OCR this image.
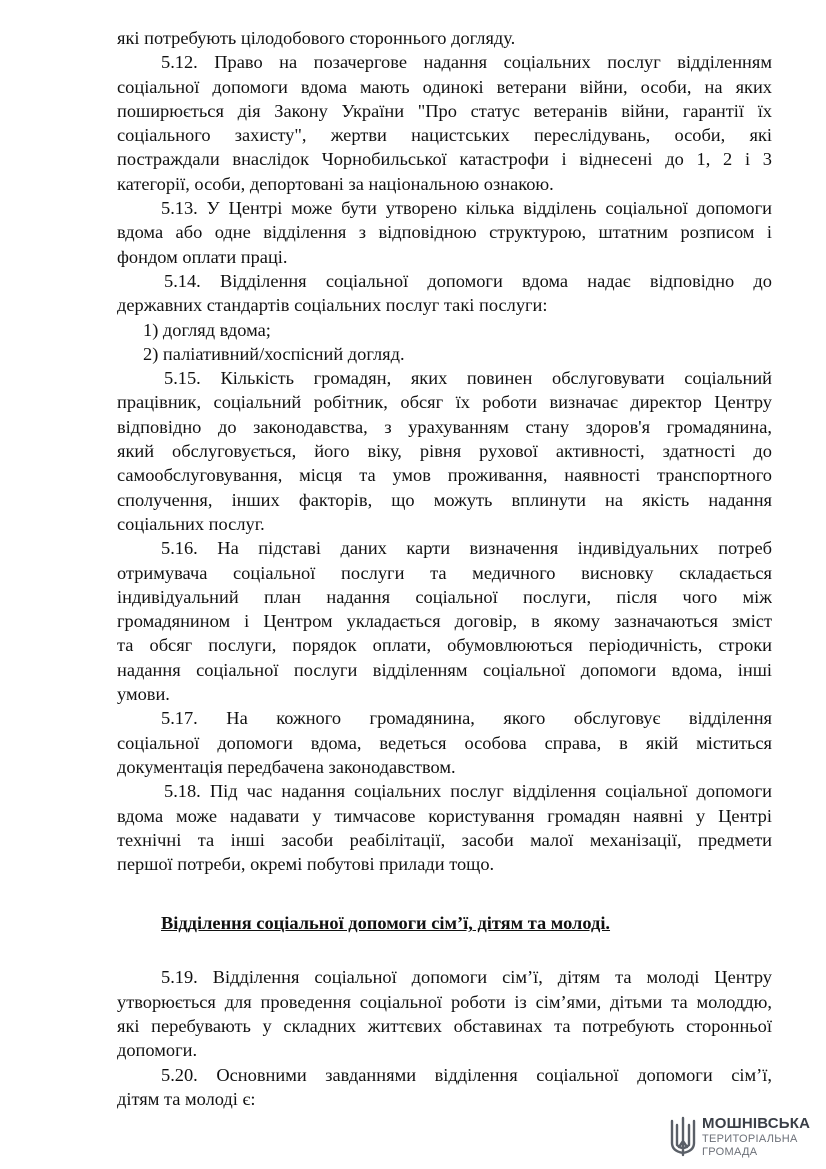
які потребують цілодобового стороннього догляду.
5.12. Право на позачергове надання соціальних послуг відділенням
соціальної допомоги вдома мають одинокі ветерани війни, особи, на яких
поширюється дія Закону України "Про статус ветеранів війни, гарантії їх
соціального захисту", жертви нацистських переслідувань, особи, які
постраждали внаслідок Чорнобильської катастрофи і віднесені до 1, 2 і 3
категорії, особи, депортовані за національною ознакою.
5.13. У Центрі може бути утворено кілька відділень соціальної допомоги
вдома або одне відділення з відповідною структурою, штатним розписом і
фондом оплати праці.
5.14. Відділення соціальної допомоги вдома надає відповідно до
державних стандартів соціальних послуг такі послуги:
1) догляд вдома;
2) паліативний/хоспісний догляд.
5.15. Кількість громадян, яких повинен обслуговувати соціальний
працівник, соціальний робітник, обсяг їх роботи визначає директор Центру
відповідно до законодавства, з урахуванням стану здоров'я громадянина,
який обслуговується, його віку, рівня рухової активності, здатності до
самообслуговування, місця та умов проживання, наявності транспортного
сполучення, інших факторів, що можуть вплинути на якість надання
соціальних послуг.
5.16. На підставі даних карти визначення індивідуальних потреб
отримувача соціальної послуги та медичного висновку складається
індивідуальний план надання соціальної послуги, після чого між
громадянином і Центром укладається договір, в якому зазначаються зміст
та обсяг послуги, порядок оплати, обумовлюються періодичність, строки
надання соціальної послуги відділенням соціальної допомоги вдома, інші
умови.
5.17. На кожного громадянина, якого обслуговує відділення
соціальної допомоги вдома, ведеться особова справа, в якій міститься
документація передбачена законодавством.
5.18. Під час надання соціальних послуг відділення соціальної допомоги
вдома може надавати у тимчасове користування громадян наявні у Центрі
технічні та інші засоби реабілітації, засоби малої механізації, предмети
першої потреби, окремі побутові прилади тощо.
Відділення соціальної допомоги сім’ї, дітям та молоді.
5.19. Відділення соціальної допомоги сім’ї, дітям та молоді Центру
утворюється для проведення соціальної роботи із сім’ями, дітьми та молоддю,
які перебувають у складних життєвих обставинах та потребують сторонньої
допомоги.
5.20. Основними завданнями відділення соціальної допомоги сім’ї,
дітям та молоді є:
МОШНІВСЬКА
ТЕРИТОРІАЛЬНА
ГРОМАДА
